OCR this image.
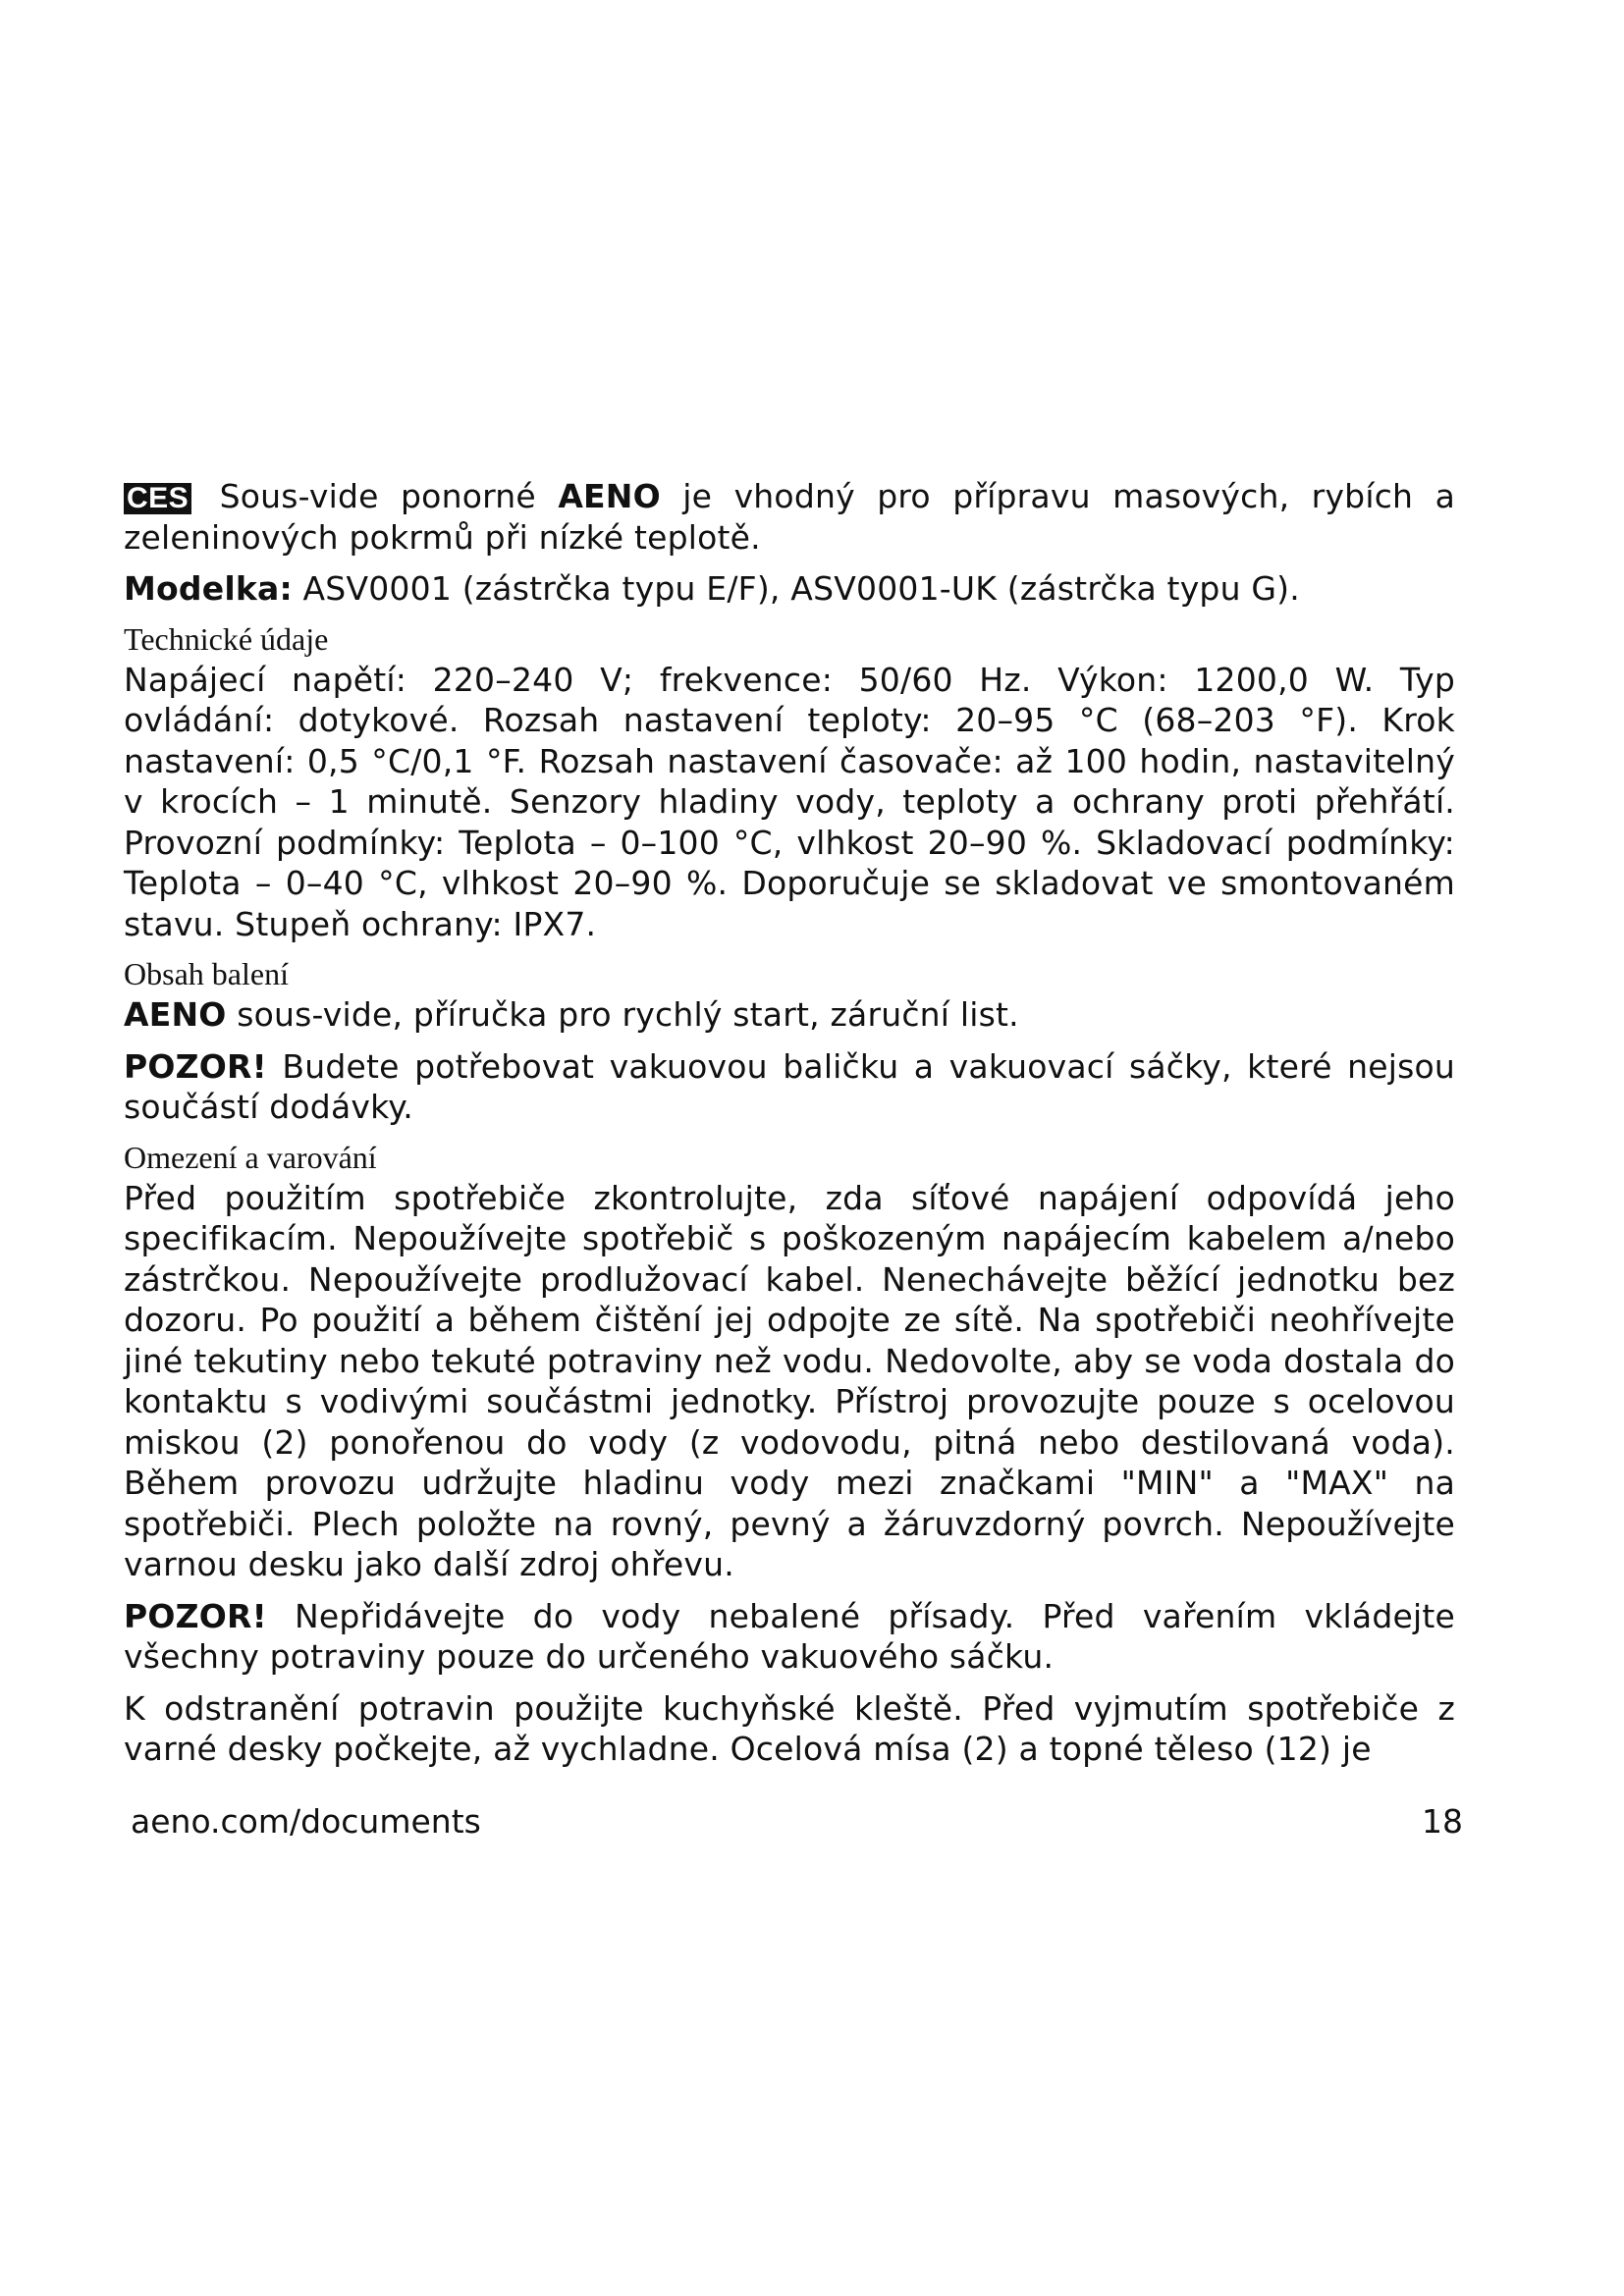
CES Sous-vide ponorné AENO je vhodný pro přípravu masových, rybích a zeleninových pokrmů při nízké teplotě.

Modelka: ASV0001 (zástrčka typu E/F), ASV0001-UK (zástrčka typu G).

Technické údaje

Napájecí napětí: 220–240 V; frekvence: 50/60 Hz. Výkon: 1200,0 W. Typ ovládání: dotykové. Rozsah nastavení teploty: 20–95 °C (68–203 °F). Krok nastavení: 0,5 °C/0,1 °F. Rozsah nastavení časovače: až 100 hodin, nastavitelný v krocích – 1 minutě. Senzory hladiny vody, teploty a ochrany proti přehřátí. Provozní podmínky: Teplota – 0–100 °C, vlhkost 20–90 %. Skladovací podmínky: Teplota – 0–40 °C, vlhkost 20–90 %. Doporučuje se skladovat ve smontovaném stavu. Stupeň ochrany: IPX7.

Obsah balení

AENO sous-vide, příručka pro rychlý start, záruční list.

POZOR! Budete potřebovat vakuovou baličku a vakuovací sáčky, které nejsou součástí dodávky.

Omezení a varování

Před použitím spotřebiče zkontrolujte, zda síťové napájení odpovídá jeho specifikacím. Nepoužívejte spotřebič s poškozeným napájecím kabelem a/nebo zástrčkou. Nepoužívejte prodlužovací kabel. Nenechávejte běžící jednotku bez dozoru. Po použití a během čištění jej odpojte ze sítě. Na spotřebiči neohřívejte jiné tekutiny nebo tekuté potraviny než vodu. Nedovolte, aby se voda dostala do kontaktu s vodivými součástmi jednotky. Přístroj provozujte pouze s ocelovou miskou (2) ponořenou do vody (z vodovodu, pitná nebo destilovaná voda). Během provozu udržujte hladinu vody mezi značkami "MIN" a "MAX" na spotřebiči. Plech položte na rovný, pevný a žáruvzdorný povrch. Nepoužívejte varnou desku jako další zdroj ohřevu.

POZOR! Nepřidávejte do vody nebalené přísady. Před vařením vkládejte všechny potraviny pouze do určeného vakuového sáčku.

K odstranění potravin použijte kuchyňské kleště. Před vyjmutím spotřebiče z varné desky počkejte, až vychladne. Ocelová mísa (2) a topné těleso (12) je

aeno.com/documents	18
